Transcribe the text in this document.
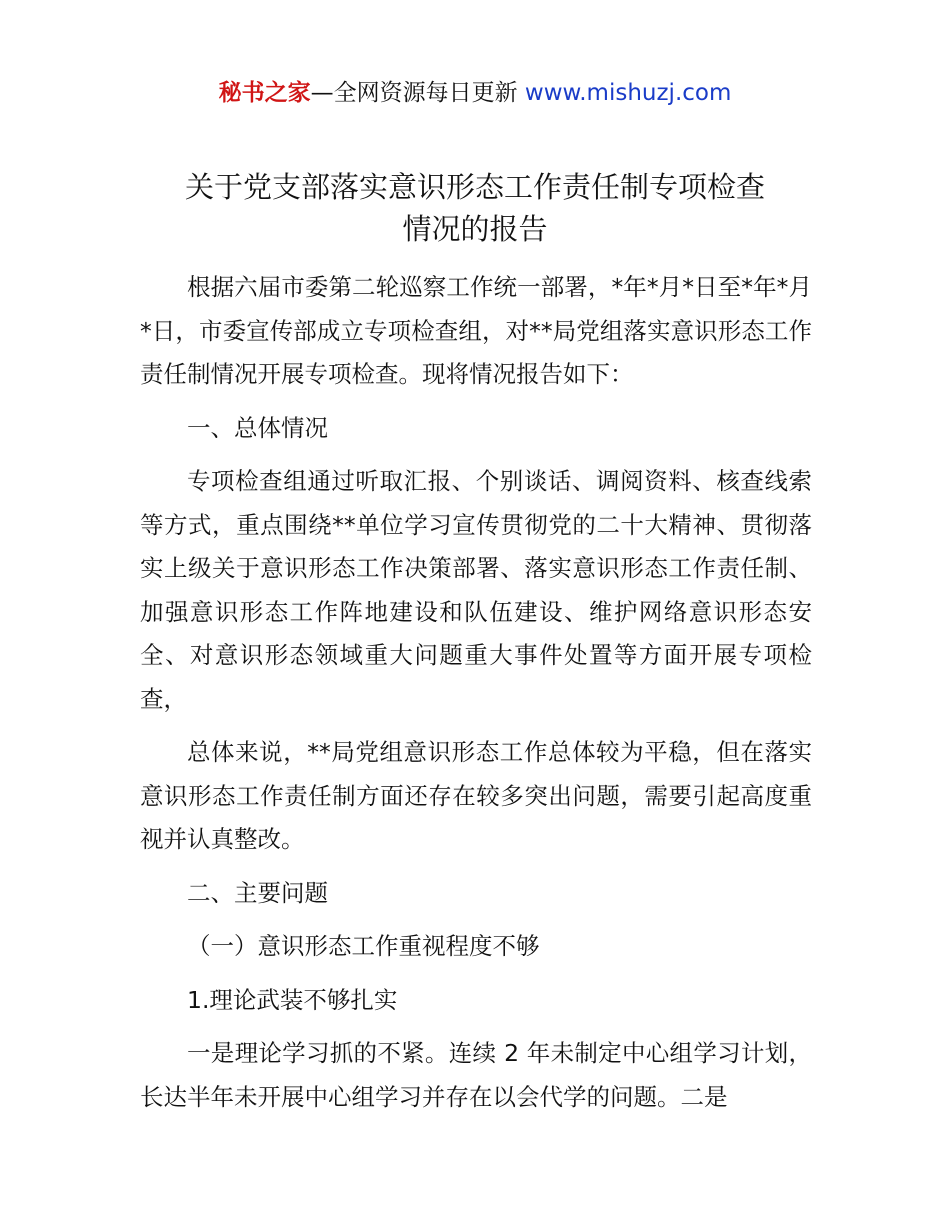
秘书之家—全网资源每日更新 www.mishuzj.com
关于党支部落实意识形态工作责任制专项检查
情况的报告

根据六届市委第二轮巡察工作统一部署，*年*月*日至*年*月*日，市委宣传部成立专项检查组，对**局党组落实意识形态工作责任制情况开展专项检查。现将情况报告如下：

一、总体情况

专项检查组通过听取汇报、个别谈话、调阅资料、核查线索等方式，重点围绕**单位学习宣传贯彻党的二十大精神、贯彻落实上级关于意识形态工作决策部署、落实意识形态工作责任制、加强意识形态工作阵地建设和队伍建设、维护网络意识形态安全、对意识形态领域重大问题重大事件处置等方面开展专项检查，

总体来说，**局党组意识形态工作总体较为平稳，但在落实意识形态工作责任制方面还存在较多突出问题，需要引起高度重视并认真整改。

二、主要问题

（一）意识形态工作重视程度不够

1.理论武装不够扎实

一是理论学习抓的不紧。连续 2 年未制定中心组学习计划，长达半年未开展中心组学习并存在以会代学的问题。二是
